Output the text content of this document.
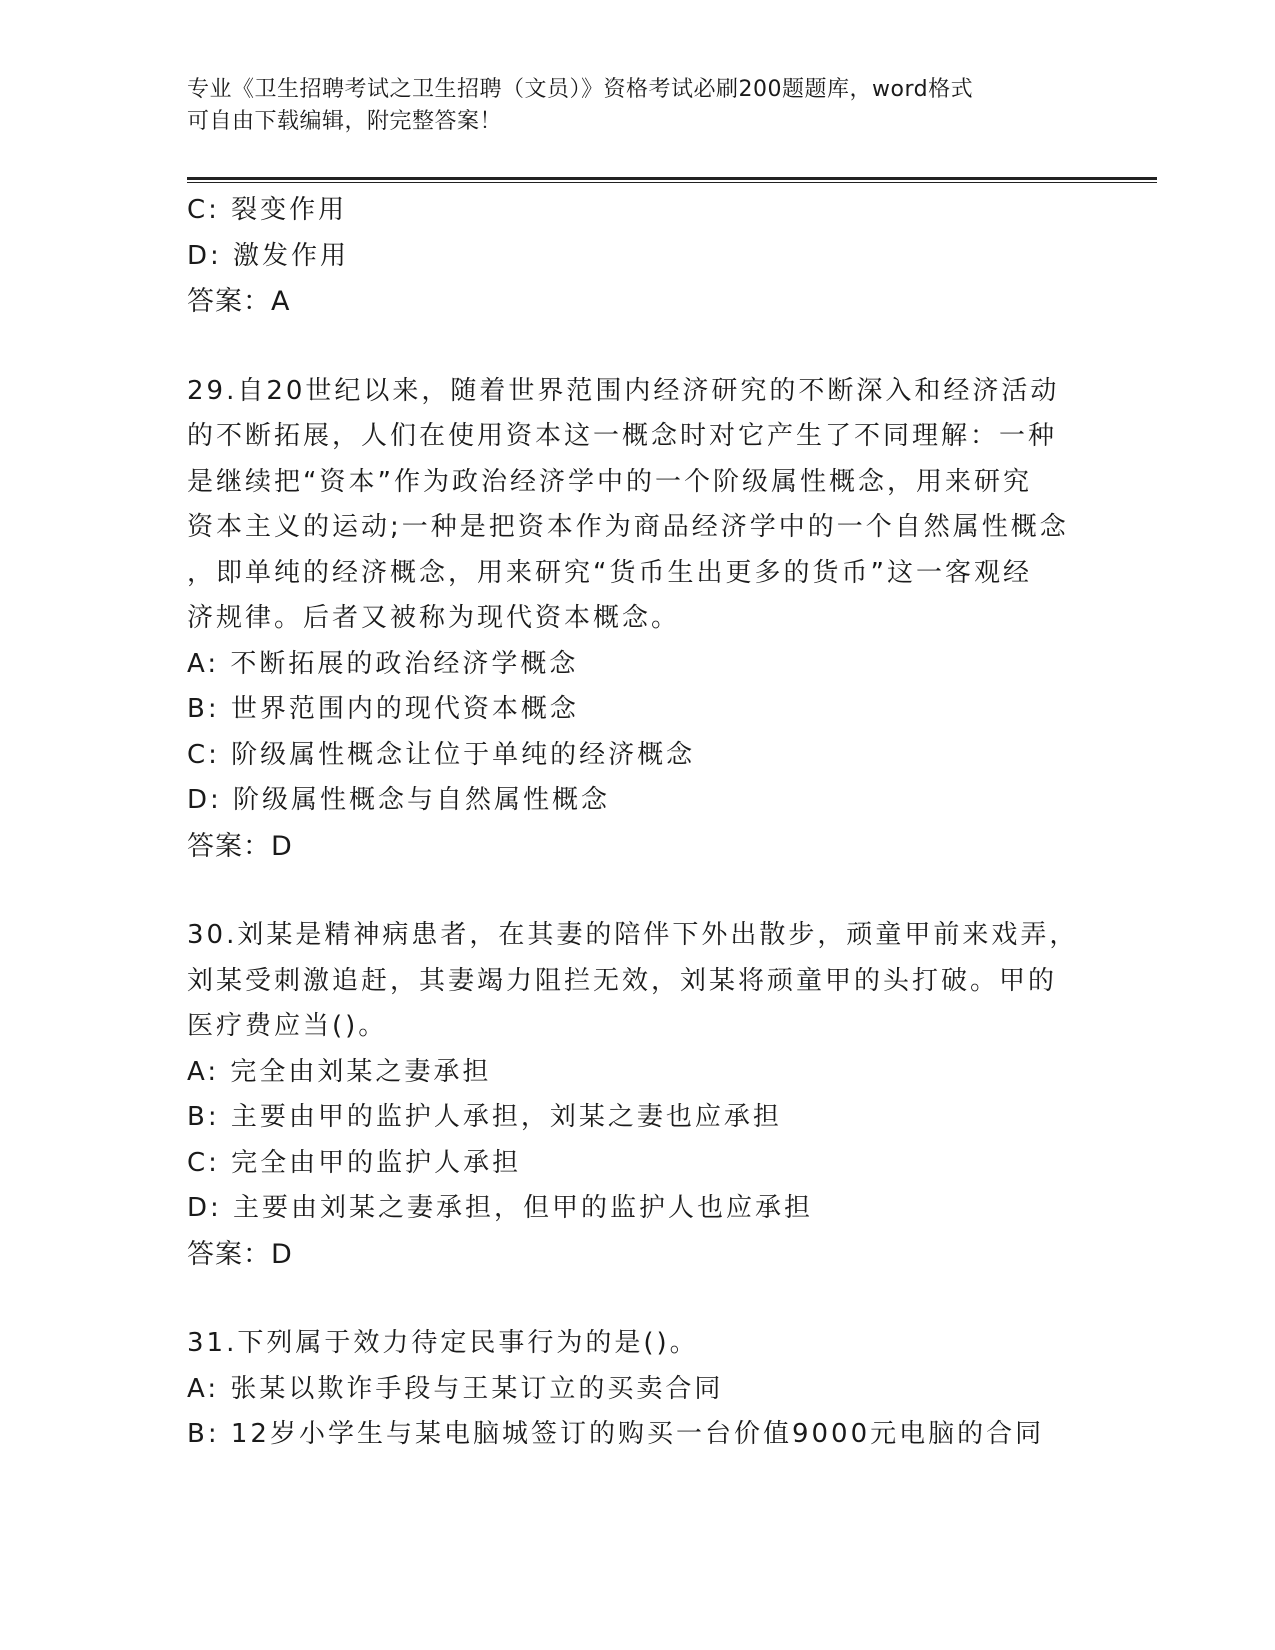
专业《卫生招聘考试之卫生招聘（文员）》资格考试必刷200题题库，word格式
可自由下载编辑，附完整答案！
C: 裂变作用
D: 激发作用
答案：A
29.自20世纪以来，随着世界范围内经济研究的不断深入和经济活动
的不断拓展，人们在使用资本这一概念时对它产生了不同理解：一种
是继续把“资本”作为政治经济学中的一个阶级属性概念，用来研究
资本主义的运动;一种是把资本作为商品经济学中的一个自然属性概念
，即单纯的经济概念，用来研究“货币生出更多的货币”这一客观经
济规律。后者又被称为现代资本概念。
A: 不断拓展的政治经济学概念
B: 世界范围内的现代资本概念
C: 阶级属性概念让位于单纯的经济概念
D: 阶级属性概念与自然属性概念
答案：D
30.刘某是精神病患者，在其妻的陪伴下外出散步，顽童甲前来戏弄，
刘某受刺激追赶，其妻竭力阻拦无效，刘某将顽童甲的头打破。甲的
医疗费应当()。
A: 完全由刘某之妻承担
B: 主要由甲的监护人承担，刘某之妻也应承担
C: 完全由甲的监护人承担
D: 主要由刘某之妻承担，但甲的监护人也应承担
答案：D
31.下列属于效力待定民事行为的是()。
A: 张某以欺诈手段与王某订立的买卖合同
B: 12岁小学生与某电脑城签订的购买一台价值9000元电脑的合同
